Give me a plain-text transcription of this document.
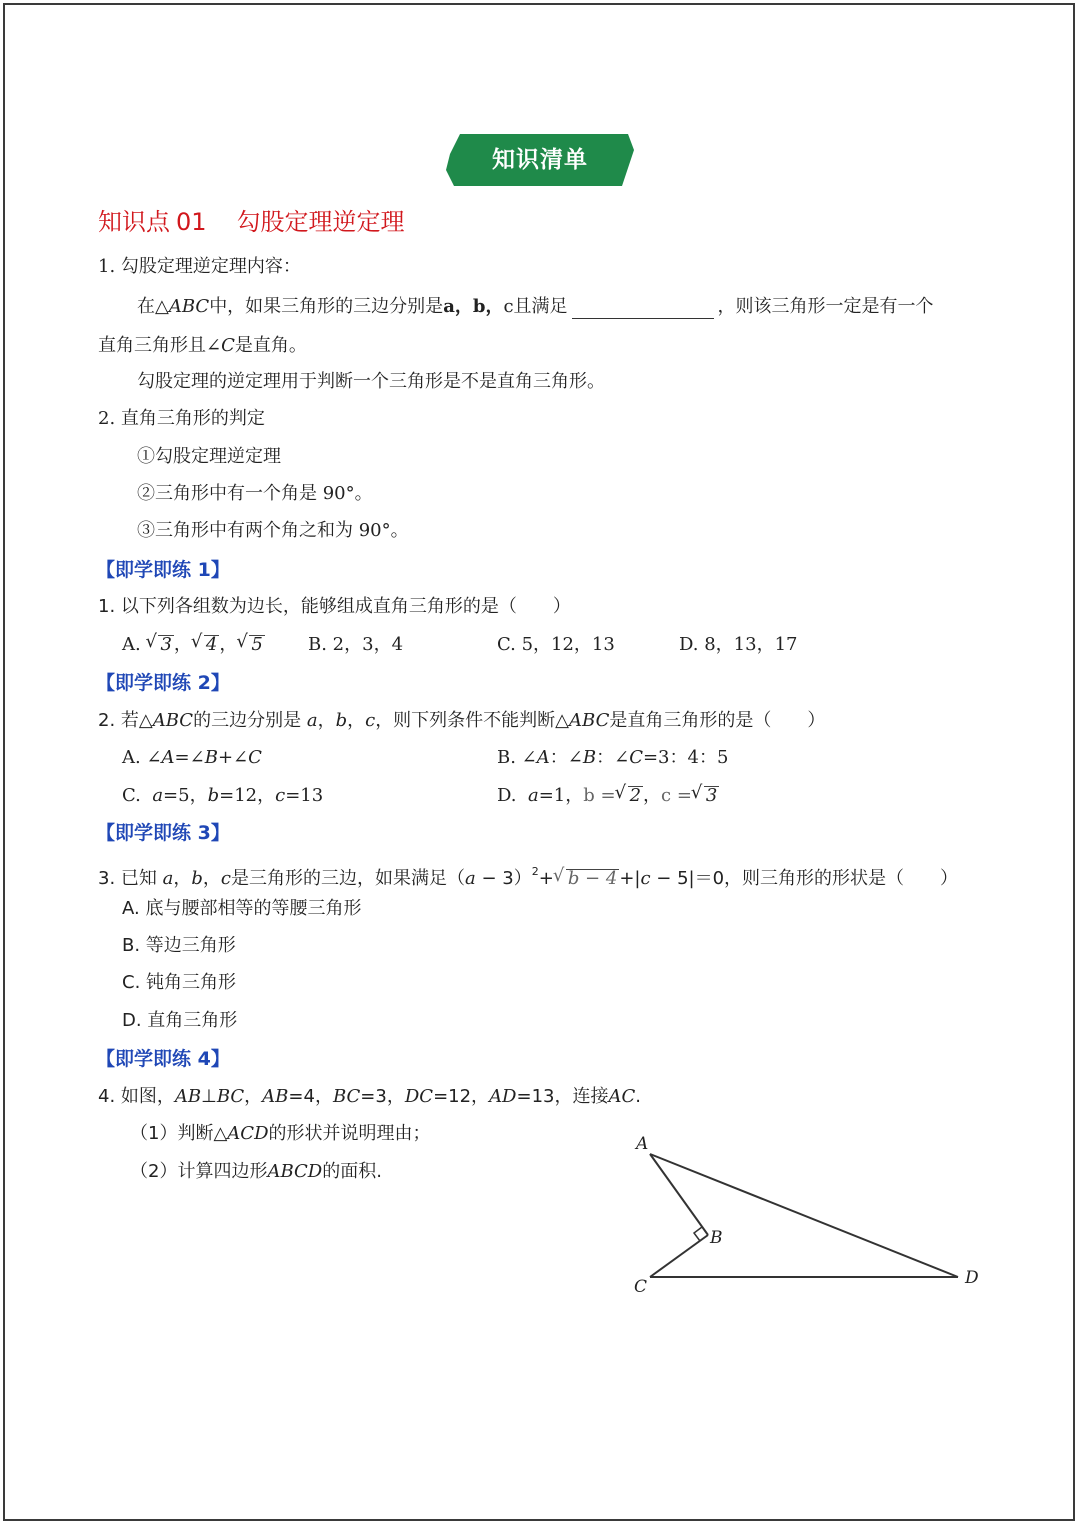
知识清单
知识点 01 勾股定理逆定理
1. 勾股定理逆定理内容：
在△ABC中，如果三角形的三边分别是a，b，c且满足	，则该三角形一定是有一个
直角三角形且∠C是直角。
勾股定理的逆定理用于判断一个三角形是不是直角三角形。
2. 直角三角形的判定
①勾股定理逆定理
②三角形中有一个角是 90°。
③三角形中有两个角之和为 90°。
【即学即练 1】
1. 以下列各组数为边长，能够组成直角三角形的是（　　）
A. √ 3 ， √ 4 ， √ 5	B. 2，3，4	C. 5，12，13	D. 8，13，17
【即学即练 2】
2. 若△ABC的三边分别是 a，b，c，则下列条件不能判断△ABC是直角三角形的是（　　）
A. ∠A=∠B+∠C	B. ∠A：∠B：∠C=3：4：5
C. a=5，b=12，c=13	D. a=1，b = √ 2 ，c = √ 3
【即学即练 3】
3. 已知 a，b，c是三角形的三边，如果满足$(a - 3)^2+$ √ b − 4 +|c − 5|＝0，则三角形的形状是（　　）
A. 底与腰部相等的等腰三角形
B. 等边三角形
C. 钝角三角形
D. 直角三角形
【即学即练 4】
4. 如图，AB⊥BC，AB=4，BC=3，DC=12，AD=13，连接AC.
（1）判断△ACD的形状并说明理由；
（2）计算四边形ABCD的面积.
A
B
C	D
